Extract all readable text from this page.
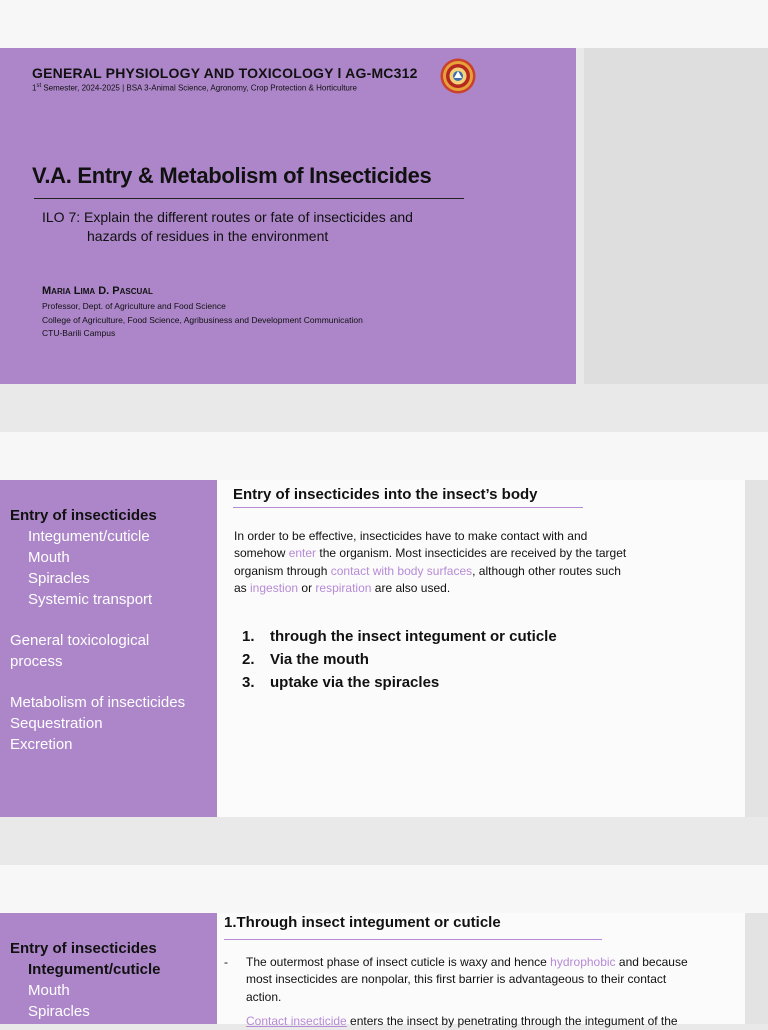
GENERAL PHYSIOLOGY AND TOXICOLOGY l AG-MC312
1st Semester, 2024-2025 | BSA 3-Animal Science, Agronomy, Crop Protection & Horticulture
V.A. Entry & Metabolism of Insecticides
ILO 7: Explain the different routes or fate of insecticides and
hazards of residues in the environment
Maria Lima D. Pascual
Professor, Dept. of Agriculture and Food Science
College of Agriculture, Food Science, Agribusiness and Development Communication
CTU-Barili Campus
Entry of insecticides
Integument/cuticle
Mouth
Spiracles
Systemic transport
General toxicological
process
Metabolism of insecticides
Sequestration
Excretion
Entry of insecticides into the insect’s body
In order to be effective, insecticides have to make contact with and
somehow enter the organism. Most insecticides are received by the target
organism through contact with body surfaces, although other routes such
as ingestion or respiration are also used.
1. through the insect integument or cuticle
2. Via the mouth
3. uptake via the spiracles
Entry of insecticides
Integument/cuticle
Mouth
Spiracles
1.Through insect integument or cuticle
-	The outermost phase of insect cuticle is waxy and hence hydrophobic and because
most insecticides are nonpolar, this first barrier is advantageous to their contact
action.
Contact insecticide enters the insect by penetrating through the integument of the
